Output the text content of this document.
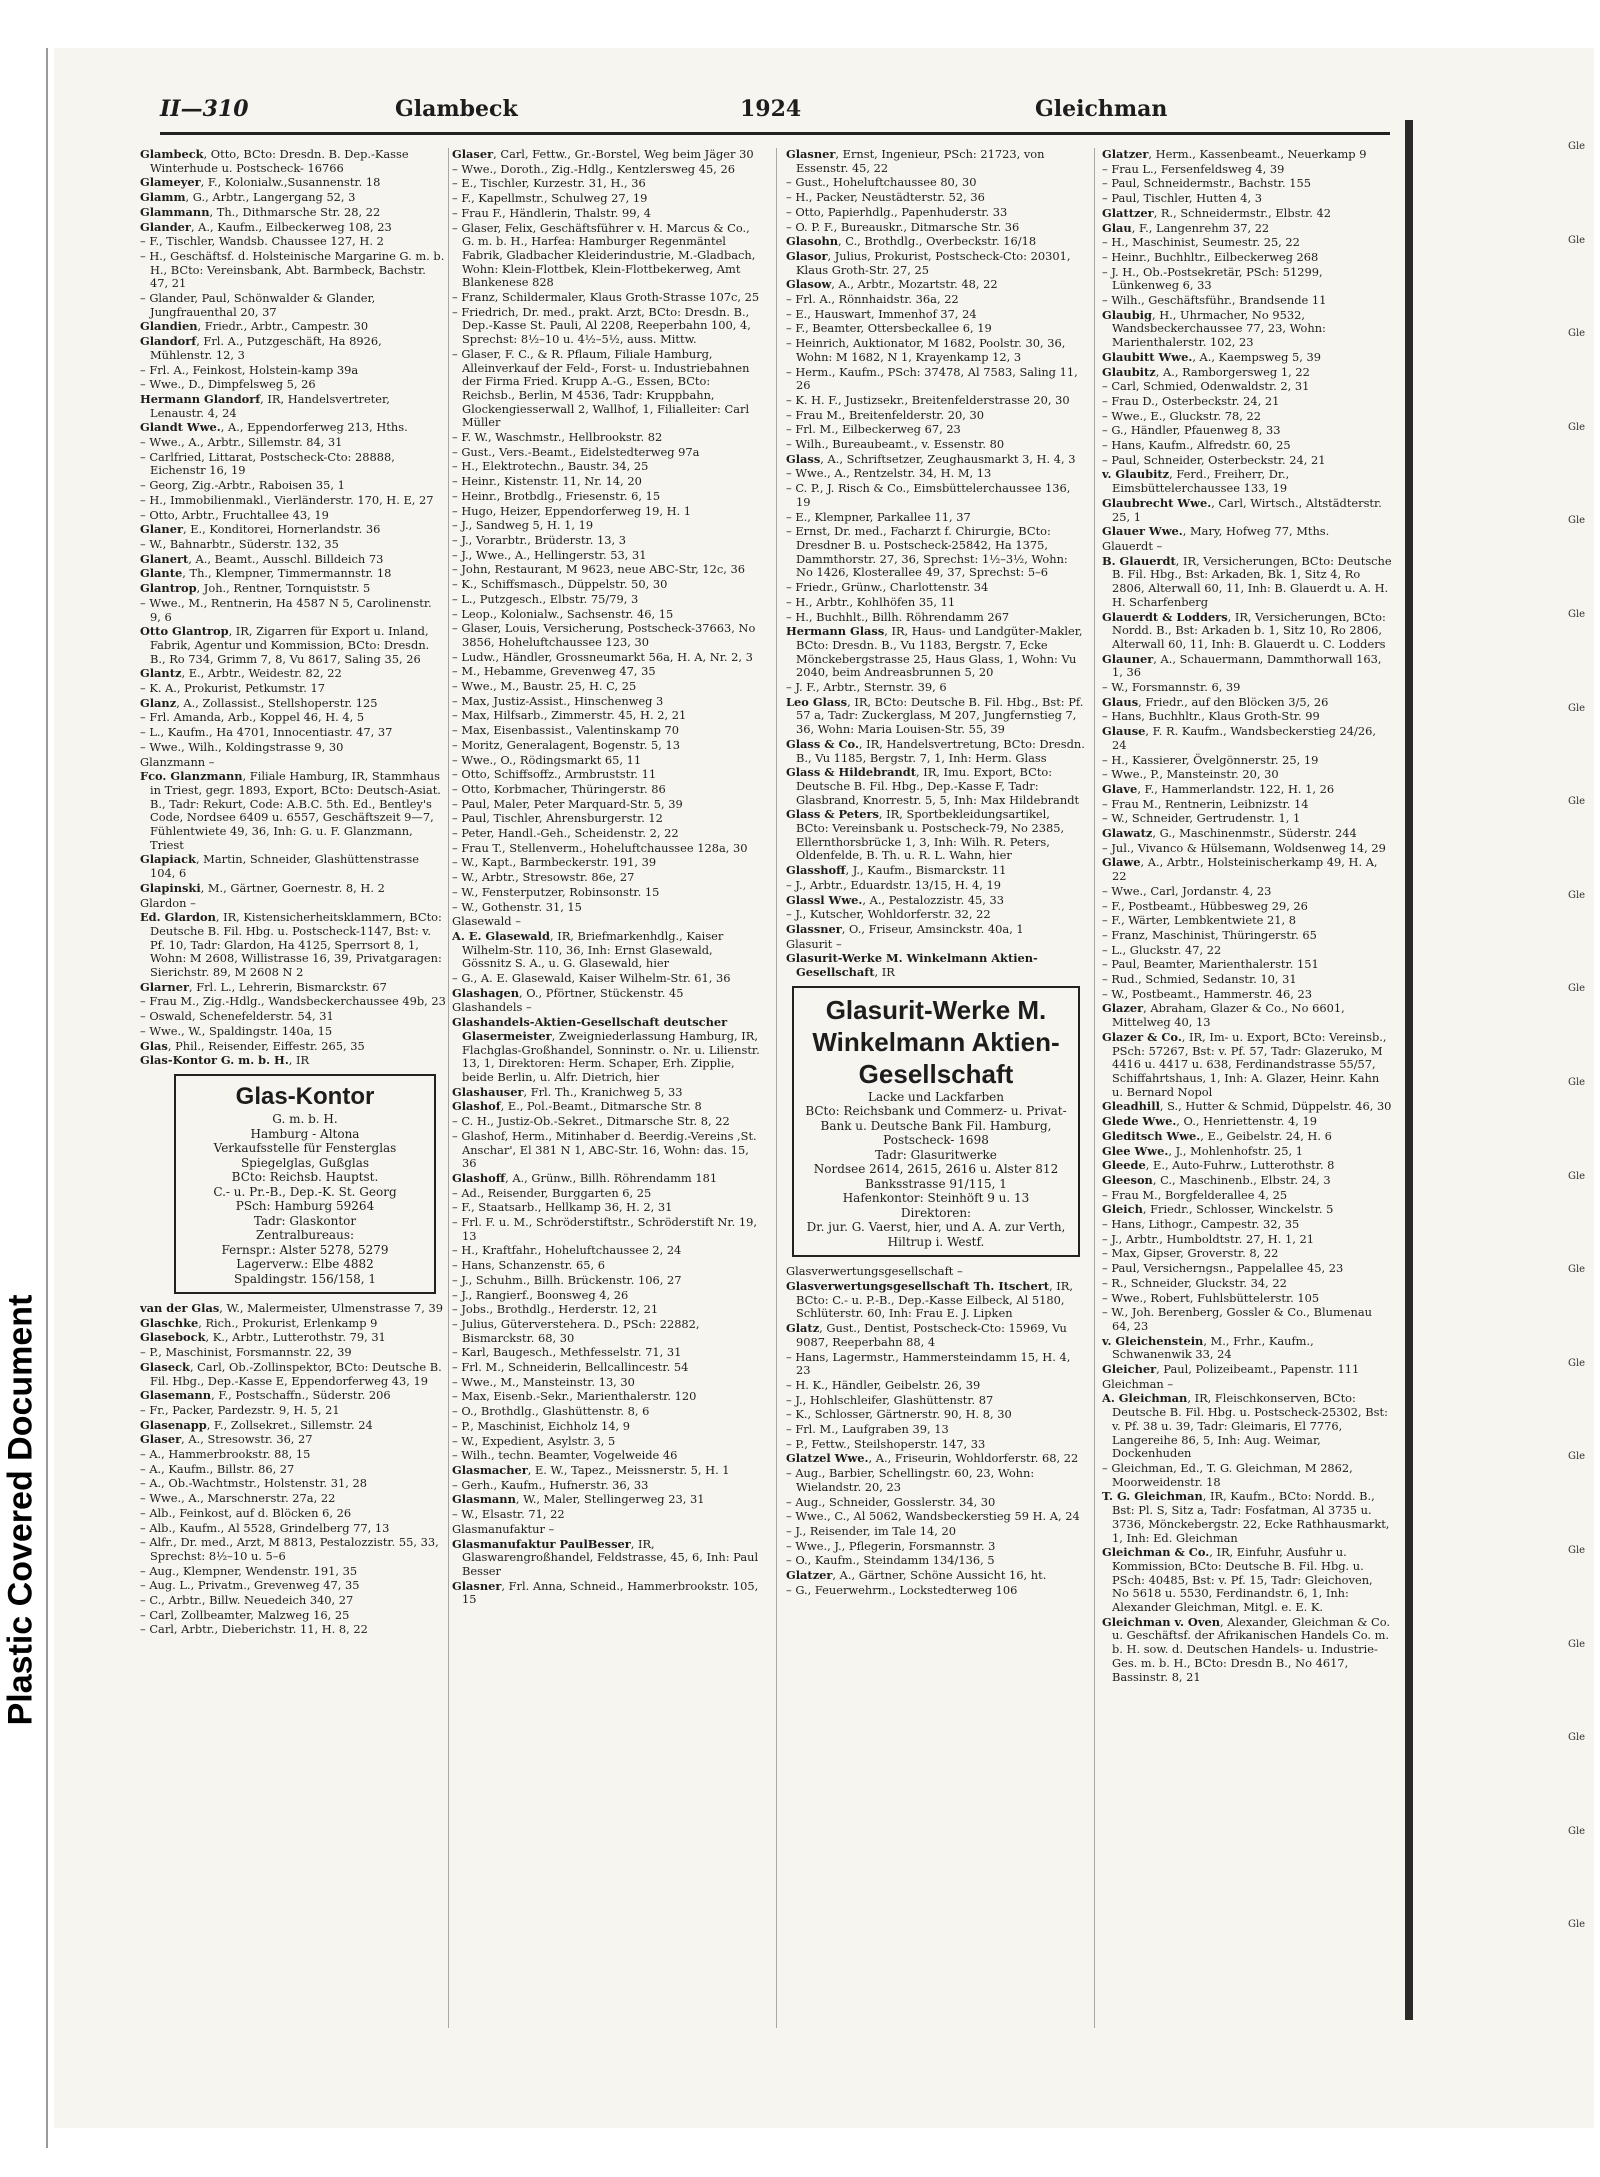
Plastic Covered Document
II—310	Glambeck	1924	Gleichman
Glambeck, Otto, BCto: Dresdn. B. Dep.-Kasse Winterhude u. Postscheck- 16766
Glameyer, F., Kolonialw.,Susannenstr. 18
Glamm, G., Arbtr., Langergang 52, 3
Glammann, Th., Dithmarsche Str. 28, 22
Glander, A., Kaufm., Eilbeckerweg 108, 23
– F., Tischler, Wandsb. Chaussee 127, H. 2
– H., Geschäftsf. d. Holsteinische Margarine G. m. b. H., BCto: Vereinsbank, Abt. Barmbeck, Bachstr. 47, 21
– Glander, Paul, Schönwalder & Glander, Jungfrauenthal 20, 37
Glandien, Friedr., Arbtr., Campestr. 30
Glandorf, Frl. A., Putzgeschäft, Ha 8926, Mühlenstr. 12, 3
– Frl. A., Feinkost, Holstein-kamp 39a
– Wwe., D., Dimpfelsweg 5, 26
Hermann Glandorf, IR, Handelsvertreter, Lenaustr. 4, 24
Glandt Wwe., A., Eppendorferweg 213, Hths.
– Wwe., A., Arbtr., Sillemstr. 84, 31
– Carlfried, Littarat, Postscheck-Cto: 28888, Eichenstr 16, 19
– Georg, Zig.-Arbtr., Raboisen 35, 1
– H., Immobilienmakl., Vierländerstr. 170, H. E, 27
– Otto, Arbtr., Fruchtallee 43, 19
Glaner, E., Konditorei, Hornerlandstr. 36
– W., Bahnarbtr., Süderstr. 132, 35
Glanert, A., Beamt., Ausschl. Billdeich 73
Glante, Th., Klempner, Timmermannstr. 18
Glantrop, Joh., Rentner, Tornquiststr. 5
– Wwe., M., Rentnerin, Ha 4587 N 5, Carolinenstr. 9, 6
Otto Glantrop, IR, Zigarren für Export u. Inland, Fabrik, Agentur und Kommission, BCto: Dresdn. B., Ro 734, Grimm 7, 8, Vu 8617, Saling 35, 26
Glantz, E., Arbtr., Weidestr. 82, 22
– K. A., Prokurist, Petkumstr. 17
Glanz, A., Zollassist., Stellshoperstr. 125
– Frl. Amanda, Arb., Koppel 46, H. 4, 5
– L., Kaufm., Ha 4701, Innocentiastr. 47, 37
– Wwe., Wilh., Koldingstrasse 9, 30
Glanzmann –
Fco. Glanzmann, Filiale Hamburg, IR, Stammhaus in Triest, gegr. 1893, Export, BCto: Deutsch-Asiat. B., Tadr: Rekurt, Code: A.B.C. 5th. Ed., Bentley's Code, Nordsee 6409 u. 6557, Geschäftszeit 9—7, Fühlentwiete 49, 36, Inh: G. u. F. Glanzmann, Triest
Glapiack, Martin, Schneider, Glashüttenstrasse 104, 6
Glapinski, M., Gärtner, Goernestr. 8, H. 2
Glardon –
Ed. Glardon, IR, Kistensicherheitsklammern, BCto: Deutsche B. Fil. Hbg. u. Postscheck-1147, Bst: v. Pf. 10, Tadr: Glardon, Ha 4125, Sperrsort 8, 1, Wohn: M 2608, Willistrasse 16, 39, Privatgaragen: Sierichstr. 89, M 2608 N 2
Glarner, Frl. L., Lehrerin, Bismarckstr. 67
– Frau M., Zig.-Hdlg., Wandsbeckerchaussee 49b, 23
– Oswald, Schenefelderstr. 54, 31
– Wwe., W., Spaldingstr. 140a, 15
Glas, Phil., Reisender, Eiffestr. 265, 35
Glas-Kontor G. m. b. H., IR
Glas-Kontor
G. m. b. H.
Hamburg - Altona
Verkaufsstelle für Fensterglas Spiegelglas, Gußglas
BCto: Reichsb. Hauptst.
C.- u. Pr.-B., Dep.-K. St. Georg
PSch: Hamburg 59264
Tadr: Glaskontor
Zentralbureaus:
Fernspr.: Alster 5278, 5279
Lagerverw.: Elbe 4882
Spaldingstr. 156/158, 1
van der Glas, W., Malermeister, Ulmenstrasse 7, 39
Glaschke, Rich., Prokurist, Erlenkamp 9
Glasebock, K., Arbtr., Lutterothstr. 79, 31
– P., Maschinist, Forsmannstr. 22, 39
Glaseck, Carl, Ob.-Zollinspektor, BCto: Deutsche B. Fil. Hbg., Dep.-Kasse E, Eppendorferweg 43, 19
Glasemann, F., Postschaffn., Süderstr. 206
– Fr., Packer, Pardezstr. 9, H. 5, 21
Glasenapp, F., Zollsekret., Sillemstr. 24
Glaser, A., Stresowstr. 36, 27
– A., Hammerbrookstr. 88, 15
– A., Kaufm., Billstr. 86, 27
– A., Ob.-Wachtmstr., Holstenstr. 31, 28
– Wwe., A., Marschnerstr. 27a, 22
– Alb., Feinkost, auf d. Blöcken 6, 26
– Alb., Kaufm., Al 5528, Grindelberg 77, 13
– Alfr., Dr. med., Arzt, M 8813, Pestalozzistr. 55, 33, Sprechst: 8½–10 u. 5–6
– Aug., Klempner, Wendenstr. 191, 35
– Aug. L., Privatm., Grevenweg 47, 35
– C., Arbtr., Billw. Neuedeich 340, 27
– Carl, Zollbeamter, Malzweg 16, 25
– Carl, Arbtr., Dieberichstr. 11, H. 8, 22
Glaser, Carl, Fettw., Gr.-Borstel, Weg beim Jäger 30
– Wwe., Doroth., Zig.-Hdlg., Kentzlersweg 45, 26
– E., Tischler, Kurzestr. 31, H., 36
– F., Kapellmstr., Schulweg 27, 19
– Frau F., Händlerin, Thalstr. 99, 4
– Glaser, Felix, Geschäftsführer v. H. Marcus & Co., G. m. b. H., Harfea: Hamburger Regenmäntel Fabrik, Gladbacher Kleiderindustrie, M.-Gladbach, Wohn: Klein-Flottbek, Klein-Flottbekerweg, Amt Blankenese 828
– Franz, Schildermaler, Klaus Groth-Strasse 107c, 25
– Friedrich, Dr. med., prakt. Arzt, BCto: Dresdn. B., Dep.-Kasse St. Pauli, Al 2208, Reeperbahn 100, 4, Sprechst: 8½–10 u. 4½–5½, auss. Mittw.
– Glaser, F. C., & R. Pflaum, Filiale Hamburg, Alleinverkauf der Feld-, Forst- u. Industriebahnen der Firma Fried. Krupp A.-G., Essen, BCto: Reichsb., Berlin, M 4536, Tadr: Kruppbahn, Glockengiesserwall 2, Wallhof, 1, Filialleiter: Carl Müller
– F. W., Waschmstr., Hellbrookstr. 82
– Gust., Vers.-Beamt., Eidelstedterweg 97a
– H., Elektrotechn., Baustr. 34, 25
– Heinr., Kistenstr. 11, Nr. 14, 20
– Heinr., Brotbdlg., Friesenstr. 6, 15
– Hugo, Heizer, Eppendorferweg 19, H. 1
– J., Sandweg 5, H. 1, 19
– J., Vorarbtr., Brüderstr. 13, 3
– J., Wwe., A., Hellingerstr. 53, 31
– John, Restaurant, M 9623, neue ABC-Str, 12c, 36
– K., Schiffsmasch., Düppelstr. 50, 30
– L., Putzgesch., Elbstr. 75/79, 3
– Leop., Kolonialw., Sachsenstr. 46, 15
– Glaser, Louis, Versicherung, Postscheck-37663, No 3856, Hoheluftchaussee 123, 30
– Ludw., Händler, Grossneumarkt 56a, H. A, Nr. 2, 3
– M., Hebamme, Grevenweg 47, 35
– Wwe., M., Baustr. 25, H. C, 25
– Max, Justiz-Assist., Hinschenweg 3
– Max, Hilfsarb., Zimmerstr. 45, H. 2, 21
– Max, Eisenbassist., Valentinskamp 70
– Moritz, Generalagent, Bogenstr. 5, 13
– Wwe., O., Rödingsmarkt 65, 11
– Otto, Schiffsoffz., Armbruststr. 11
– Otto, Korbmacher, Thüringerstr. 86
– Paul, Maler, Peter Marquard-Str. 5, 39
– Paul, Tischler, Ahrensburgerstr. 12
– Peter, Handl.-Geh., Scheidenstr. 2, 22
– Frau T., Stellenverm., Hoheluftchaussee 128a, 30
– W., Kapt., Barmbeckerstr. 191, 39
– W., Arbtr., Stresowstr. 86e, 27
– W., Fensterputzer, Robinsonstr. 15
– W., Gothenstr. 31, 15
Glasewald –
A. E. Glasewald, IR, Briefmarkenhdlg., Kaiser Wilhelm-Str. 110, 36, Inh: Ernst Glasewald, Gössnitz S. A., u. G. Glasewald, hier
– G., A. E. Glasewald, Kaiser Wilhelm-Str. 61, 36
Glashagen, O., Pförtner, Stückenstr. 45
Glashandels –
Glashandels-Aktien-Gesellschaft deutscher Glasermeister, Zweigniederlassung Hamburg, IR, Flachglas-Großhandel, Sonninstr. o. Nr. u. Lilienstr. 13, 1, Direktoren: Herm. Schaper, Erh. Zipplie, beide Berlin, u. Alfr. Dietrich, hier
Glashauser, Frl. Th., Kranichweg 5, 33
Glashof, E., Pol.-Beamt., Ditmarsche Str. 8
– C. H., Justiz-Ob.-Sekret., Ditmarsche Str. 8, 22
– Glashof, Herm., Mitinhaber d. Beerdig.-Vereins ,St. Anschar', El 381 N 1, ABC-Str. 16, Wohn: das. 15, 36
Glashoff, A., Grünw., Billh. Röhrendamm 181
– Ad., Reisender, Burggarten 6, 25
– F., Staatsarb., Hellkamp 36, H. 2, 31
– Frl. F. u. M., Schröderstiftstr., Schröderstift Nr. 19, 13
– H., Kraftfahr., Hoheluftchaussee 2, 24
– Hans, Schanzenstr. 65, 6
– J., Schuhm., Billh. Brückenstr. 106, 27
– J., Rangierf., Boonsweg 4, 26
– Jobs., Brothdlg., Herderstr. 12, 21
– Julius, Güterverstehera. D., PSch: 22882, Bismarckstr. 68, 30
– Karl, Baugesch., Methfesselstr. 71, 31
– Frl. M., Schneiderin, Bellcallincestr. 54
– Wwe., M., Mansteinstr. 13, 30
– Max, Eisenb.-Sekr., Marienthalerstr. 120
– O., Brothdlg., Glashüttenstr. 8, 6
– P., Maschinist, Eichholz 14, 9
– W., Expedient, Asylstr. 3, 5
– Wilh., techn. Beamter, Vogelweide 46
Glasmacher, E. W., Tapez., Meissnerstr. 5, H. 1
– Gerh., Kaufm., Hufnerstr. 36, 33
Glasmann, W., Maler, Stellingerweg 23, 31
– W., Elsastr. 71, 22
Glasmanufaktur –
Glasmanufaktur PaulBesser, IR, Glaswarengroßhandel, Feldstrasse, 45, 6, Inh: Paul Besser
Glasner, Frl. Anna, Schneid., Hammerbrookstr. 105, 15
Glasner, Ernst, Ingenieur, PSch: 21723, von Essenstr. 45, 22
– Gust., Hoheluftchaussee 80, 30
– H., Packer, Neustädterstr. 52, 36
– Otto, Papierhdlg., Papenhuderstr. 33
– O. P. F., Bureauskr., Ditmarsche Str. 36
Glasohn, C., Brothdlg., Overbeckstr. 16/18
Glasor, Julius, Prokurist, Postscheck-Cto: 20301, Klaus Groth-Str. 27, 25
Glasow, A., Arbtr., Mozartstr. 48, 22
– Frl. A., Rönnhaidstr. 36a, 22
– E., Hauswart, Immenhof 37, 24
– F., Beamter, Ottersbeckallee 6, 19
– Heinrich, Auktionator, M 1682, Poolstr. 30, 36, Wohn: M 1682, N 1, Krayenkamp 12, 3
– Herm., Kaufm., PSch: 37478, Al 7583, Saling 11, 26
– K. H. F., Justizsekr., Breitenfelderstrasse 20, 30
– Frau M., Breitenfelderstr. 20, 30
– Frl. M., Eilbeckerweg 67, 23
– Wilh., Bureaubeamt., v. Essenstr. 80
Glass, A., Schriftsetzer, Zeughausmarkt 3, H. 4, 3
– Wwe., A., Rentzelstr. 34, H. M, 13
– C. P., J. Risch & Co., Eimsbüttelerchaussee 136, 19
– E., Klempner, Parkallee 11, 37
– Ernst, Dr. med., Facharzt f. Chirurgie, BCto: Dresdner B. u. Postscheck-25842, Ha 1375, Dammthorstr. 27, 36, Sprechst: 1½–3½, Wohn: No 1426, Klosterallee 49, 37, Sprechst: 5–6
– Friedr., Grünw., Charlottenstr. 34
– H., Arbtr., Kohlhöfen 35, 11
– H., Buchhlt., Billh. Röhrendamm 267
Hermann Glass, IR, Haus- und Landgüter-Makler, BCto: Dresdn. B., Vu 1183, Bergstr. 7, Ecke Mönckebergstrasse 25, Haus Glass, 1, Wohn: Vu 2040, beim Andreasbrunnen 5, 20
– J. F., Arbtr., Sternstr. 39, 6
Leo Glass, IR, BCto: Deutsche B. Fil. Hbg., Bst: Pf. 57 a, Tadr: Zuckerglass, M 207, Jungfernstieg 7, 36, Wohn: Maria Louisen-Str. 55, 39
Glass & Co., IR, Handelsvertretung, BCto: Dresdn. B., Vu 1185, Bergstr. 7, 1, Inh: Herm. Glass
Glass & Hildebrandt, IR, Imu. Export, BCto: Deutsche B. Fil. Hbg., Dep.-Kasse F, Tadr: Glasbrand, Knorrestr. 5, 5, Inh: Max Hildebrandt
Glass & Peters, IR, Sportbekleidungsartikel, BCto: Vereinsbank u. Postscheck-79, No 2385, Ellernthorsbrücke 1, 3, Inh: Wilh. R. Peters, Oldenfelde, B. Th. u. R. L. Wahn, hier
Glasshoff, J., Kaufm., Bismarckstr. 11
– J., Arbtr., Eduardstr. 13/15, H. 4, 19
Glassl Wwe., A., Pestalozzistr. 45, 33
– J., Kutscher, Wohldorferstr. 32, 22
Glassner, O., Friseur, Amsinckstr. 40a, 1
Glasurit –
Glasurit-Werke M. Winkelmann Aktien-Gesellschaft, IR
Glasurit-Werke M. Winkelmann Aktien-Gesellschaft
Lacke und Lackfarben
BCto: Reichsbank und Commerz- u. Privat-Bank u. Deutsche Bank Fil. Hamburg, Postscheck- 1698
Tadr: Glasuritwerke
Nordsee 2614, 2615, 2616 u. Alster 812
Banksstrasse 91/115, 1
Hafenkontor: Steinhöft 9 u. 13
Direktoren:
Dr. jur. G. Vaerst, hier, und A. A. zur Verth, Hiltrup i. Westf.
Glasverwertungsgesellschaft –
Glasverwertungsgesellschaft Th. Itschert, IR, BCto: C.- u. P.-B., Dep.-Kasse Eilbeck, Al 5180, Schlüterstr. 60, Inh: Frau E. J. Lipken
Glatz, Gust., Dentist, Postscheck-Cto: 15969, Vu 9087, Reeperbahn 88, 4
– Hans, Lagermstr., Hammersteindamm 15, H. 4, 23
– H. K., Händler, Geibelstr. 26, 39
– J., Hohlschleifer, Glashüttenstr. 87
– K., Schlosser, Gärtnerstr. 90, H. 8, 30
– Frl. M., Laufgraben 39, 13
– P., Fettw., Steilshoperstr. 147, 33
Glatzel Wwe., A., Friseurin, Wohldorferstr. 68, 22
– Aug., Barbier, Schellingstr. 60, 23, Wohn: Wielandstr. 20, 23
– Aug., Schneider, Gosslerstr. 34, 30
– Wwe., C., Al 5062, Wandsbeckerstieg 59 H. A, 24
– J., Reisender, im Tale 14, 20
– Wwe., J., Pflegerin, Forsmannstr. 3
– O., Kaufm., Steindamm 134/136, 5
Glatzer, A., Gärtner, Schöne Aussicht 16, ht.
– G., Feuerwehrm., Lockstedterweg 106
Glatzer, Herm., Kassenbeamt., Neuerkamp 9
– Frau L., Fersenfeldsweg 4, 39
– Paul, Schneidermstr., Bachstr. 155
– Paul, Tischler, Hutten 4, 3
Glattzer, R., Schneidermstr., Elbstr. 42
Glau, F., Langenrehm 37, 22
– H., Maschinist, Seumestr. 25, 22
– Heinr., Buchhltr., Eilbeckerweg 268
– J. H., Ob.-Postsekretär, PSch: 51299, Lünkenweg 6, 33
– Wilh., Geschäftsführ., Brandsende 11
Glaubig, H., Uhrmacher, No 9532, Wandsbeckerchaussee 77, 23, Wohn: Marienthalerstr. 102, 23
Glaubitt Wwe., A., Kaempsweg 5, 39
Glaubitz, A., Ramborgersweg 1, 22
– Carl, Schmied, Odenwaldstr. 2, 31
– Frau D., Osterbeckstr. 24, 21
– Wwe., E., Gluckstr. 78, 22
– G., Händler, Pfauenweg 8, 33
– Hans, Kaufm., Alfredstr. 60, 25
– Paul, Schneider, Osterbeckstr. 24, 21
v. Glaubitz, Ferd., Freiherr, Dr., Eimsbüttelerchaussee 133, 19
Glaubrecht Wwe., Carl, Wirtsch., Altstädterstr. 25, 1
Glauer Wwe., Mary, Hofweg 77, Mths.
Glauerdt –
B. Glauerdt, IR, Versicherungen, BCto: Deutsche B. Fil. Hbg., Bst: Arkaden, Bk. 1, Sitz 4, Ro 2806, Alterwall 60, 11, Inh: B. Glauerdt u. A. H. H. Scharfenberg
Glauerdt & Lodders, IR, Versicherungen, BCto: Nordd. B., Bst: Arkaden b. 1, Sitz 10, Ro 2806, Alterwall 60, 11, Inh: B. Glauerdt u. C. Lodders
Glauner, A., Schauermann, Dammthorwall 163, 1, 36
– W., Forsmannstr. 6, 39
Glaus, Friedr., auf den Blöcken 3/5, 26
– Hans, Buchhltr., Klaus Groth-Str. 99
Glause, F. R. Kaufm., Wandsbeckerstieg 24/26, 24
– H., Kassierer, Övelgönnerstr. 25, 19
– Wwe., P., Mansteinstr. 20, 30
Glave, F., Hammerlandstr. 122, H. 1, 26
– Frau M., Rentnerin, Leibnizstr. 14
– W., Schneider, Gertrudenstr. 1, 1
Glawatz, G., Maschinenmstr., Süderstr. 244
– Jul., Vivanco & Hülsemann, Woldsenweg 14, 29
Glawe, A., Arbtr., Holsteinischerkamp 49, H. A, 22
– Wwe., Carl, Jordanstr. 4, 23
– F., Postbeamt., Hübbesweg 29, 26
– F., Wärter, Lembkentwiete 21, 8
– Franz, Maschinist, Thüringerstr. 65
– L., Gluckstr. 47, 22
– Paul, Beamter, Marienthalerstr. 151
– Rud., Schmied, Sedanstr. 10, 31
– W., Postbeamt., Hammerstr. 46, 23
Glazer, Abraham, Glazer & Co., No 6601, Mittelweg 40, 13
Glazer & Co., IR, Im- u. Export, BCto: Vereinsb., PSch: 57267, Bst: v. Pf. 57, Tadr: Glazeruko, M 4416 u. 4417 u. 638, Ferdinandstrasse 55/57, Schiffahrtshaus, 1, Inh: A. Glazer, Heinr. Kahn u. Bernard Nopol
Gleadhill, S., Hutter & Schmid, Düppelstr. 46, 30
Glede Wwe., O., Henriettenstr. 4, 19
Gleditsch Wwe., E., Geibelstr. 24, H. 6
Glee Wwe., J., Mohlenhofstr. 25, 1
Gleede, E., Auto-Fuhrw., Lutterothstr. 8
Gleeson, C., Maschinenb., Elbstr. 24, 3
– Frau M., Borgfelderallee 4, 25
Gleich, Friedr., Schlosser, Winckelstr. 5
– Hans, Lithogr., Campestr. 32, 35
– J., Arbtr., Humboldtstr. 27, H. 1, 21
– Max, Gipser, Groverstr. 8, 22
– Paul, Versicherngsn., Pappelallee 45, 23
– R., Schneider, Gluckstr. 34, 22
– Wwe., Robert, Fuhlsbüttelerstr. 105
– W., Joh. Berenberg, Gossler & Co., Blumenau 64, 23
v. Gleichenstein, M., Frhr., Kaufm., Schwanenwik 33, 24
Gleicher, Paul, Polizeibeamt., Papenstr. 111
Gleichman –
A. Gleichman, IR, Fleischkonserven, BCto: Deutsche B. Fil. Hbg. u. Postscheck-25302, Bst: v. Pf. 38 u. 39, Tadr: Gleimaris, El 7776, Langereihe 86, 5, Inh: Aug. Weimar, Dockenhuden
– Gleichman, Ed., T. G. Gleichman, M 2862, Moorweidenstr. 18
T. G. Gleichman, IR, Kaufm., BCto: Nordd. B., Bst: Pl. S, Sitz a, Tadr: Fosfatman, Al 3735 u. 3736, Mönckebergstr. 22, Ecke Rathhausmarkt, 1, Inh: Ed. Gleichman
Gleichman & Co., IR, Einfuhr, Ausfuhr u. Kommission, BCto: Deutsche B. Fil. Hbg. u. PSch: 40485, Bst: v. Pf. 15, Tadr: Gleichoven, No 5618 u. 5530, Ferdinandstr. 6, 1, Inh: Alexander Gleichman, Mitgl. e. E. K.
Gleichman v. Oven, Alexander, Gleichman & Co. u. Geschäftsf. der Afrikanischen Handels Co. m. b. H. sow. d. Deutschen Handels- u. Industrie-Ges. m. b. H., BCto: Dresdn B., No 4617, Bassinstr. 8, 21
Gle
Gle
Gle
Gle
Gle
Gle
Gle
Gle
Gle
Gle
Gle
Gle
Gle
Gle
Gle
Gle
Gle
Gle
Gle
Gle
